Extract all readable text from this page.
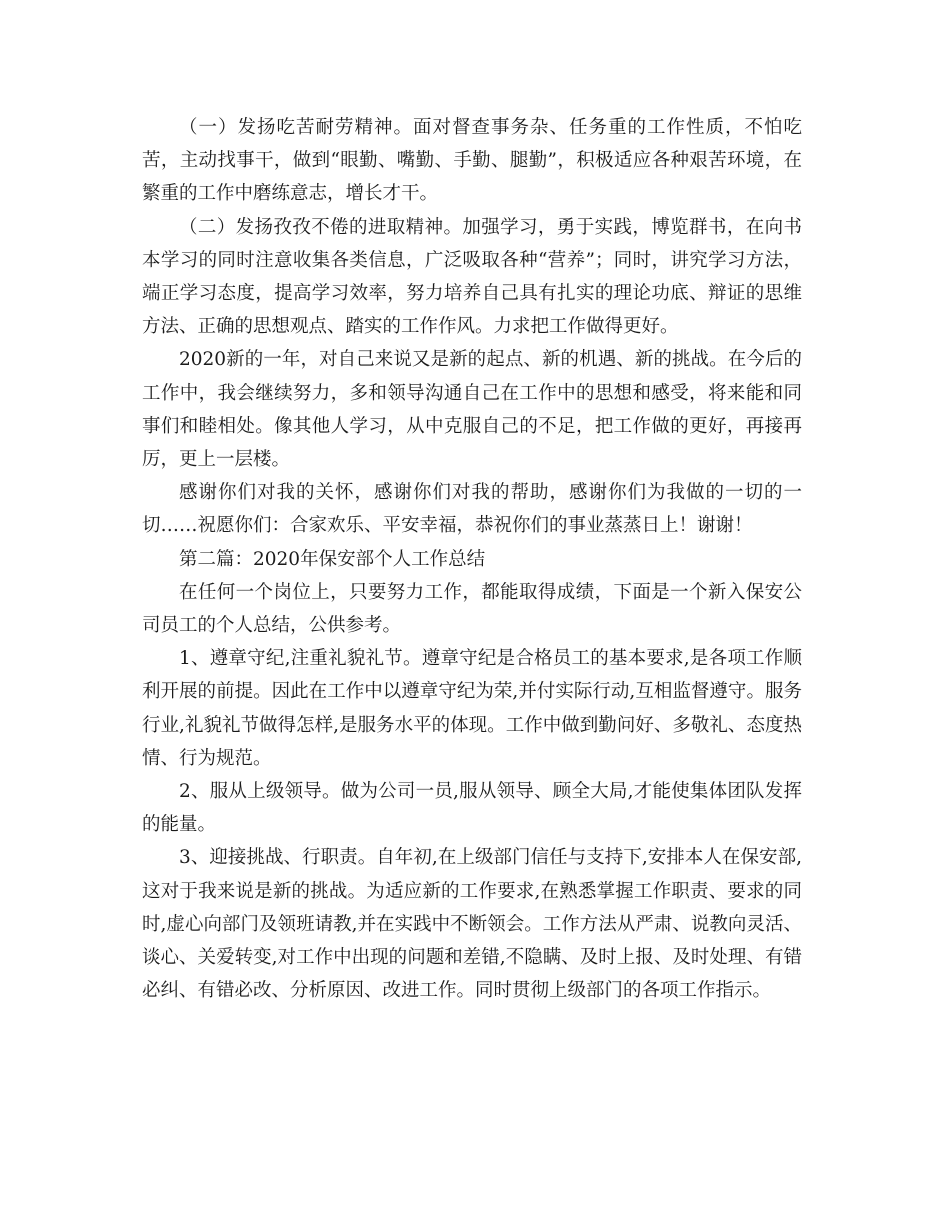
（一）发扬吃苦耐劳精神。面对督查事务杂、任务重的工作性质，不怕吃苦，主动找事干，做到“眼勤、嘴勤、手勤、腿勤”，积极适应各种艰苦环境，在繁重的工作中磨练意志，增长才干。

（二）发扬孜孜不倦的进取精神。加强学习，勇于实践，博览群书，在向书本学习的同时注意收集各类信息，广泛吸取各种“营养”；同时，讲究学习方法，端正学习态度，提高学习效率，努力培养自己具有扎实的理论功底、辩证的思维方法、正确的思想观点、踏实的工作作风。力求把工作做得更好。

2020新的一年，对自己来说又是新的起点、新的机遇、新的挑战。在今后的工作中，我会继续努力，多和领导沟通自己在工作中的思想和感受，将来能和同事们和睦相处。像其他人学习，从中克服自己的不足，把工作做的更好，再接再厉，更上一层楼。

感谢你们对我的关怀，感谢你们对我的帮助，感谢你们为我做的一切的一切……祝愿你们：合家欢乐、平安幸福，恭祝你们的事业蒸蒸日上！谢谢！

第二篇：2020年保安部个人工作总结

在任何一个岗位上，只要努力工作，都能取得成绩，下面是一个新入保安公司员工的个人总结，公供参考。

1、遵章守纪,注重礼貌礼节。遵章守纪是合格员工的基本要求,是各项工作顺利开展的前提。因此在工作中以遵章守纪为荣,并付实际行动,互相监督遵守。服务行业,礼貌礼节做得怎样,是服务水平的体现。工作中做到勤问好、多敬礼、态度热情、行为规范。

2、服从上级领导。做为公司一员,服从领导、顾全大局,才能使集体团队发挥的能量。

3、迎接挑战、行职责。自年初,在上级部门信任与支持下,安排本人在保安部,这对于我来说是新的挑战。为适应新的工作要求,在熟悉掌握工作职责、要求的同时,虚心向部门及领班请教,并在实践中不断领会。工作方法从严肃、说教向灵活、谈心、关爱转变,对工作中出现的问题和差错,不隐瞒、及时上报、及时处理、有错必纠、有错必改、分析原因、改进工作。同时贯彻上级部门的各项工作指示。
